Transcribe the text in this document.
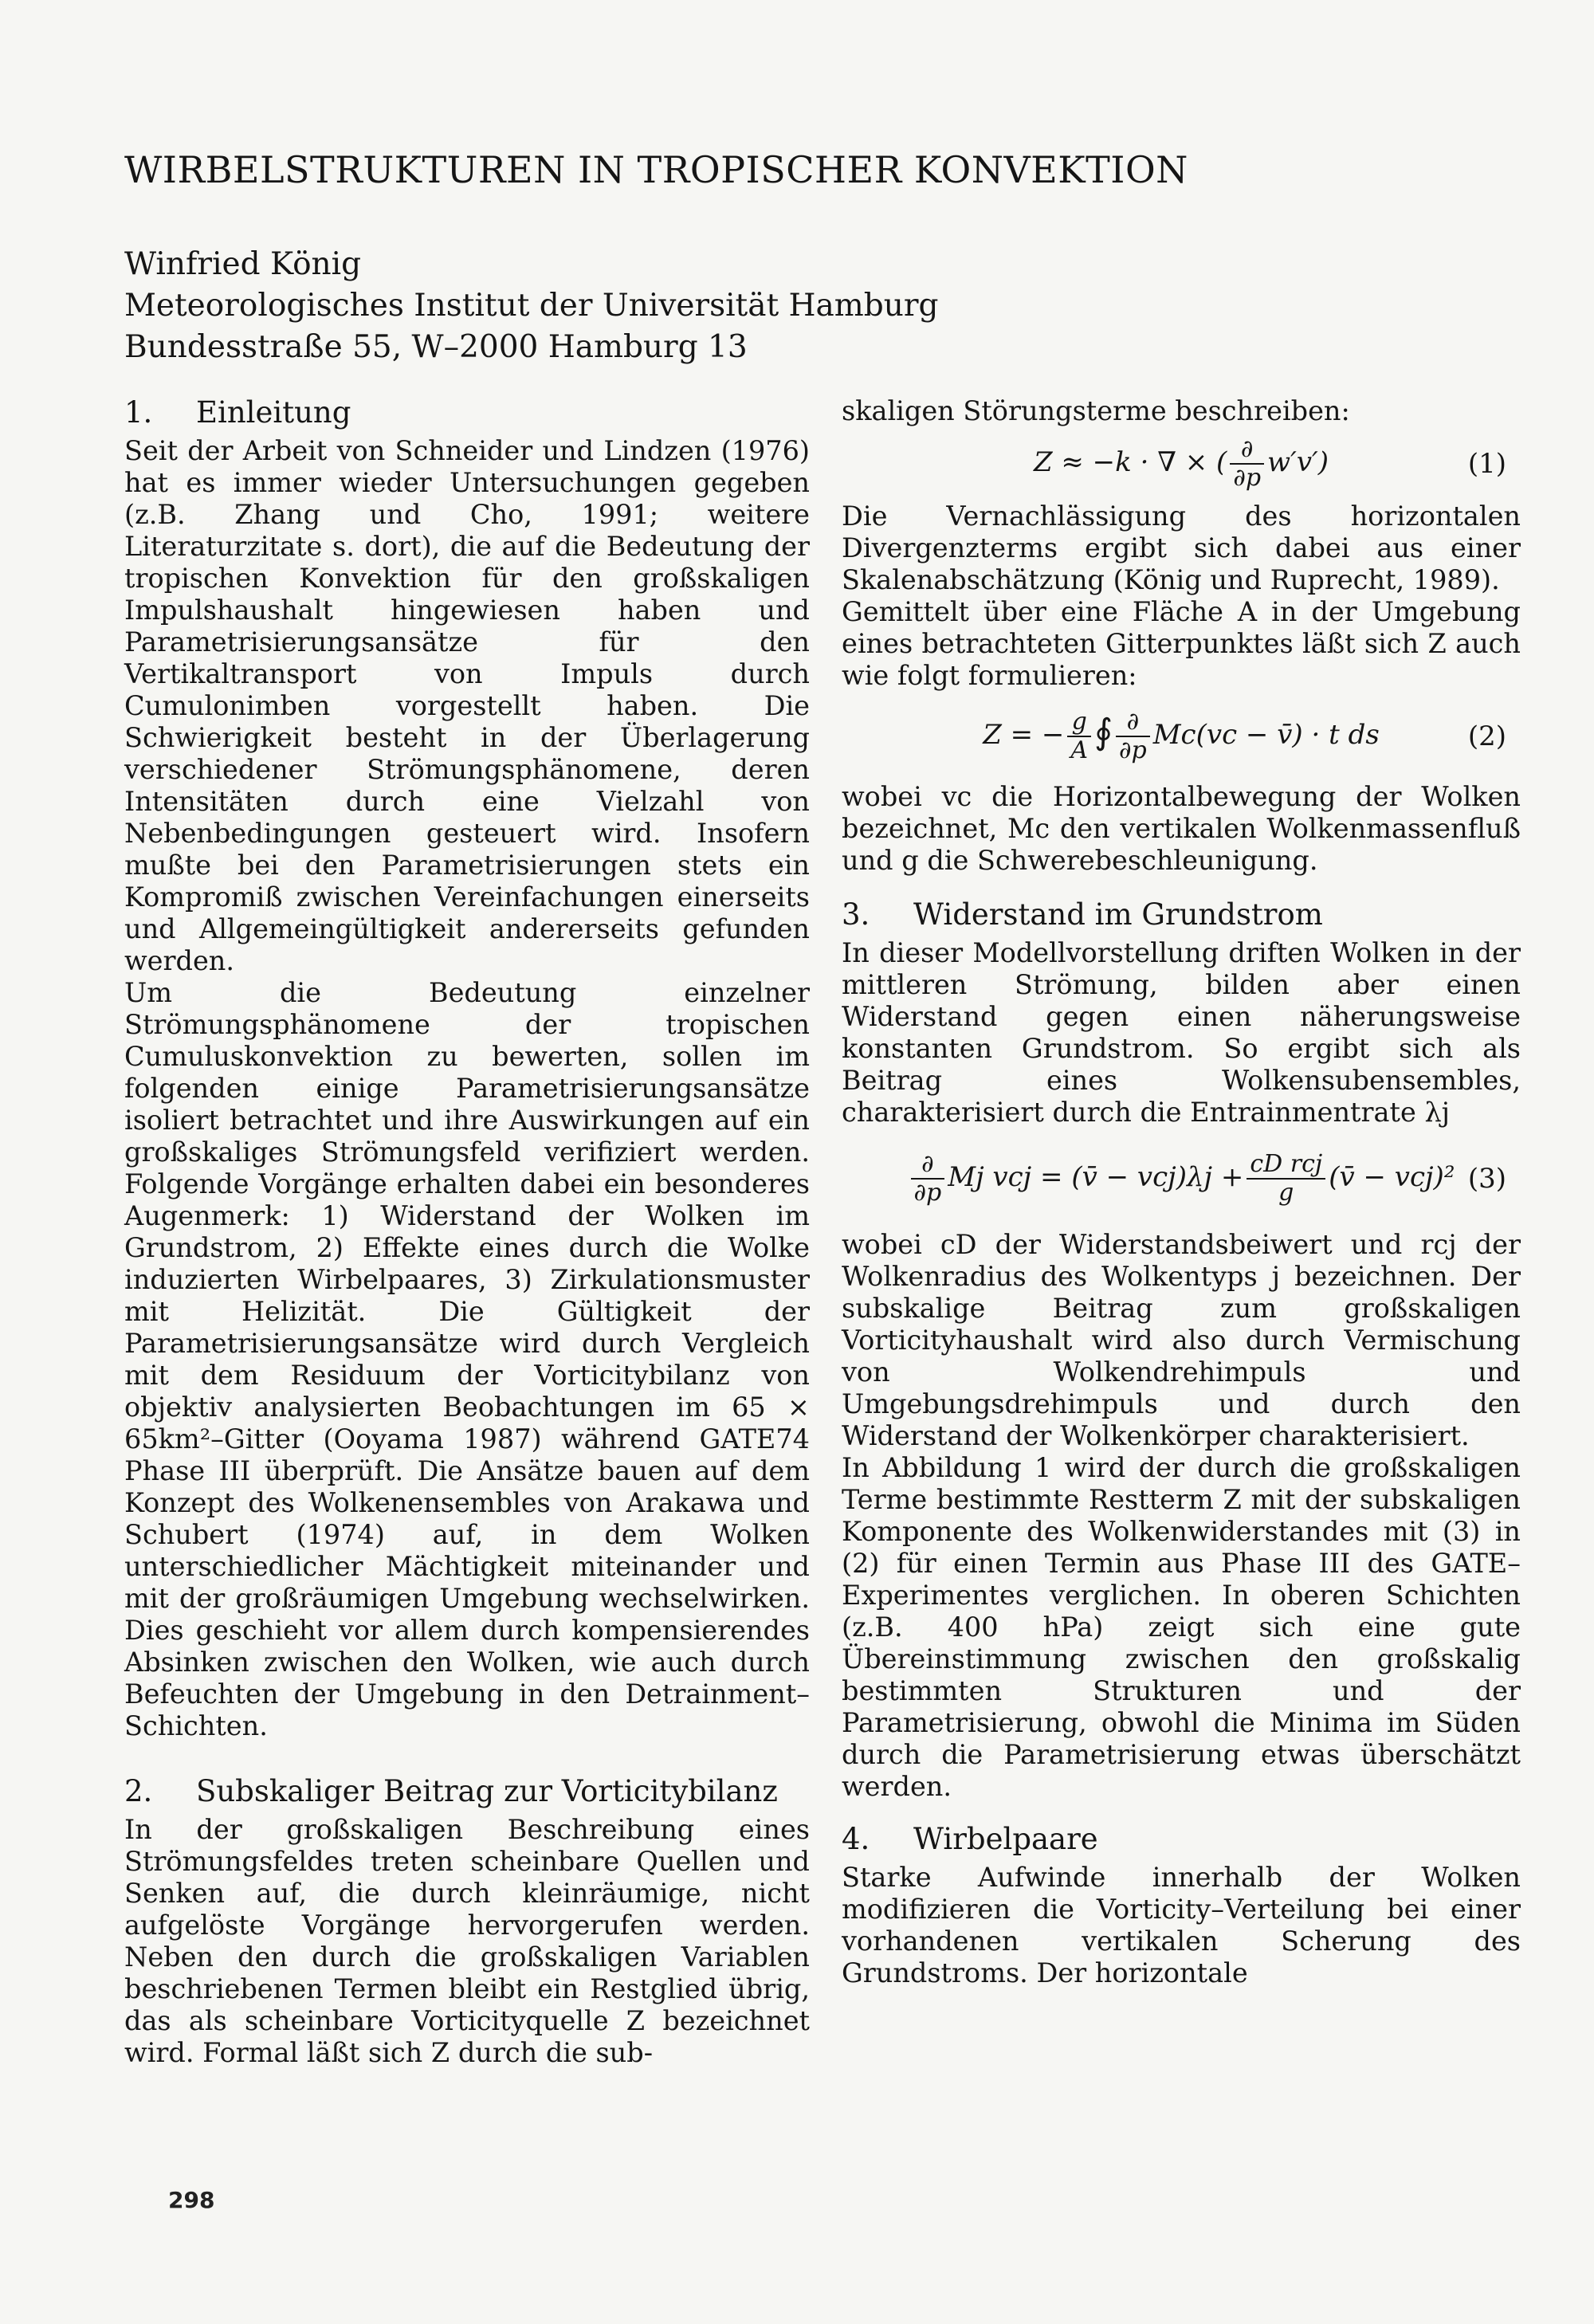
WIRBELSTRUKTUREN IN TROPISCHER KONVEKTION
Winfried König
Meteorologisches Institut der Universität Hamburg
Bundesstraße 55, W–2000 Hamburg 13
1. Einleitung

Seit der Arbeit von Schneider und Lindzen (1976) hat es immer wieder Untersuchungen gegeben (z.B. Zhang und Cho, 1991; weitere Literaturzitate s. dort), die auf die Bedeutung der tropischen Konvektion für den großskaligen Impulshaushalt hingewiesen haben und Parametrisierungsansätze für den Vertikaltransport von Impuls durch Cumulonimben vorgestellt haben. Die Schwierigkeit besteht in der Überlagerung verschiedener Strömungsphänomene, deren Intensitäten durch eine Vielzahl von Nebenbedingungen gesteuert wird. Insofern mußte bei den Parametrisierungen stets ein Kompromiß zwischen Vereinfachungen einerseits und Allgemeingültigkeit andererseits gefunden werden.

Um die Bedeutung einzelner Strömungsphänomene der tropischen Cumuluskonvektion zu bewerten, sollen im folgenden einige Parametrisierungsansätze isoliert betrachtet und ihre Auswirkungen auf ein großskaliges Strömungsfeld verifiziert werden. Folgende Vorgänge erhalten dabei ein besonderes Augenmerk: 1) Widerstand der Wolken im Grundstrom, 2) Effekte eines durch die Wolke induzierten Wirbelpaares, 3) Zirkulationsmuster mit Helizität. Die Gültigkeit der Parametrisierungsansätze wird durch Vergleich mit dem Residuum der Vorticitybilanz von objektiv analysierten Beobachtungen im 65 × 65km²–Gitter (Ooyama 1987) während GATE74 Phase III überprüft. Die Ansätze bauen auf dem Konzept des Wolkenensembles von Arakawa und Schubert (1974) auf, in dem Wolken unterschiedlicher Mächtigkeit miteinander und mit der großräumigen Umgebung wechselwirken. Dies geschieht vor allem durch kompensierendes Absinken zwischen den Wolken, wie auch durch Befeuchten der Umgebung in den Detrainment–Schichten.

2. Subskaliger Beitrag zur Vorticitybilanz

In der großskaligen Beschreibung eines Strömungsfeldes treten scheinbare Quellen und Senken auf, die durch kleinräumige, nicht aufgelöste Vorgänge hervorgerufen werden. Neben den durch die großskaligen Variablen beschriebenen Termen bleibt ein Restglied übrig, das als scheinbare Vorticityquelle Z bezeichnet wird. Formal läßt sich Z durch die sub-

skaligen Störungsterme beschreiben:

Z ≈ −k · ∇ × ( $\frac{\partial}{\partial p} w'v'$)	(1)

Die Vernachlässigung des horizontalen Divergenzterms ergibt sich dabei aus einer Skalenabschätzung (König und Ruprecht, 1989).

Gemittelt über eine Fläche A in der Umgebung eines betrachteten Gitterpunktes läßt sich Z auch wie folgt formulieren:

Z = − $\frac{g}{A}$ ∮ $\frac{\partial}{\partial p} Mc(vc$ − v̄) · t ds	(2)

wobei vc die Horizontalbewegung der Wolken bezeichnet, Mc den vertikalen Wolkenmassenfluß und g die Schwerebeschleunigung.

3. Widerstand im Grundstrom

In dieser Modellvorstellung driften Wolken in der mittleren Strömung, bilden aber einen Widerstand gegen einen näherungsweise konstanten Grundstrom. So ergibt sich als Beitrag eines Wolkensubensembles, charakterisiert durch die Entrainmentrate λj

$\frac{\partial}{\partial p}$ Mj vcj = (v̄ − $vcj)\lambda j + \frac{\text{cD rcj}}{g}$ (v̄ − vcj)² (3)

wobei cD der Widerstandsbeiwert und rcj der Wolkenradius des Wolkentyps j bezeichnen. Der subskalige Beitrag zum großskaligen Vorticityhaushalt wird also durch Vermischung von Wolkendrehimpuls und Umgebungsdrehimpuls und durch den Widerstand der Wolkenkörper charakterisiert.

In Abbildung 1 wird der durch die großskaligen Terme bestimmte Restterm Z mit der subskaligen Komponente des Wolkenwiderstandes mit (3) in (2) für einen Termin aus Phase III des GATE–Experimentes verglichen. In oberen Schichten (z.B. 400 hPa) zeigt sich eine gute Übereinstimmung zwischen den großskalig bestimmten Strukturen und der Parametrisierung, obwohl die Minima im Süden durch die Parametrisierung etwas überschätzt werden.

4. Wirbelpaare

Starke Aufwinde innerhalb der Wolken modifizieren die Vorticity–Verteilung bei einer vorhandenen vertikalen Scherung des Grundstroms. Der horizontale

298
